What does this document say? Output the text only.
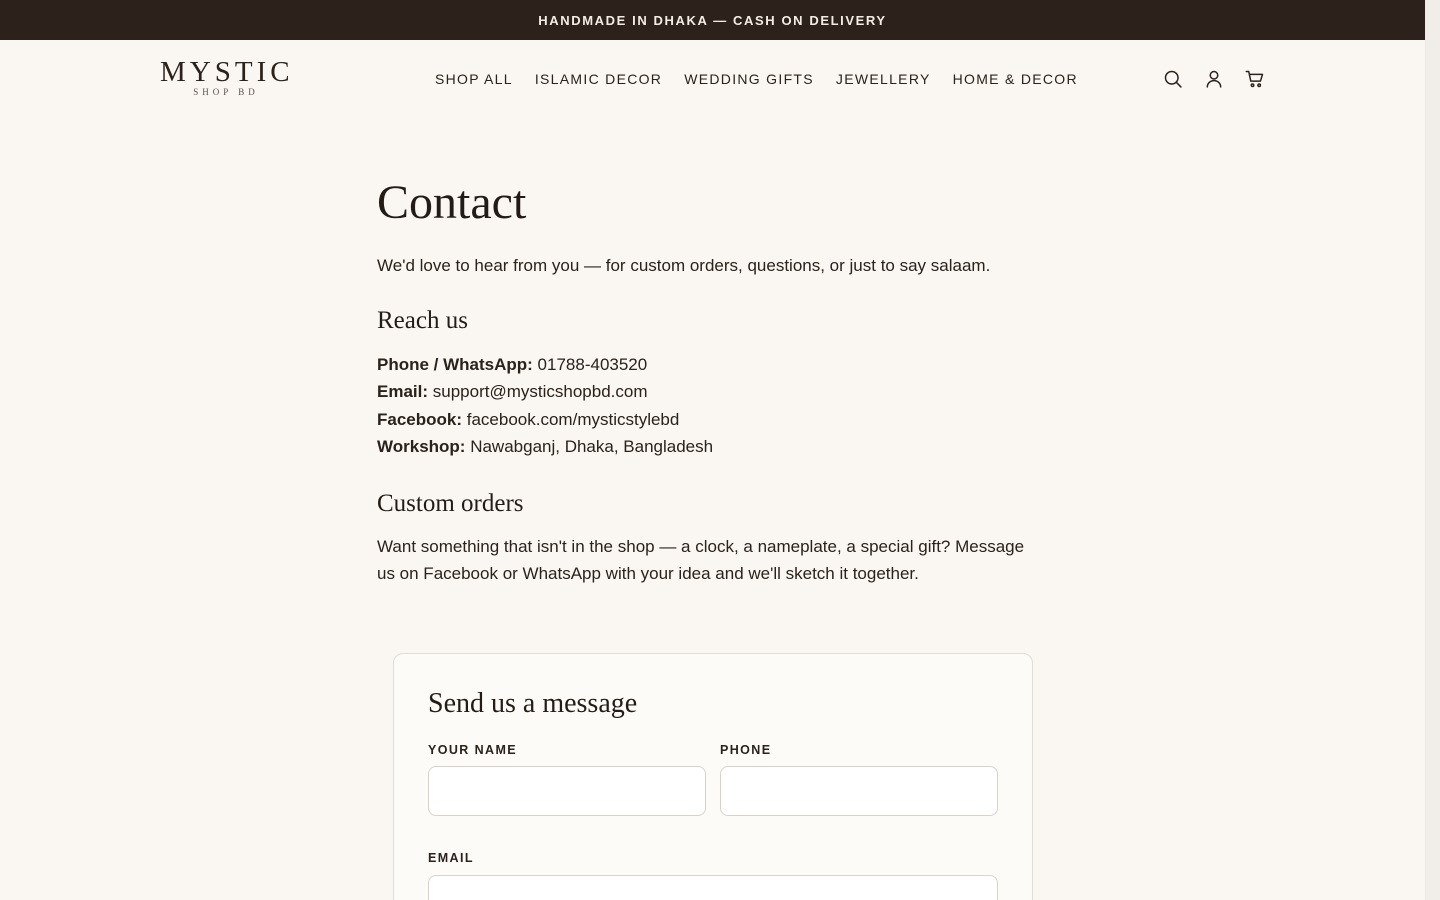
HANDMADE IN DHAKA — CASH ON DELIVERY
MYSTIC
SHOP BD
SHOP ALL ISLAMIC DECOR WEDDING GIFTS JEWELLERY HOME & DECOR
Contact

We'd love to hear from you — for custom orders, questions, or just to say salaam.

Reach us
Phone / WhatsApp: 01788-403520
Email: support@mysticshopbd.com
Facebook: facebook.com/mysticstylebd
Workshop: Nawabganj, Dhaka, Bangladesh
Custom orders

Want something that isn't in the shop — a clock, a nameplate, a special gift? Message us on Facebook or WhatsApp with your idea and we'll sketch it together.

Send us a message
YOUR NAME	PHONE
EMAIL
